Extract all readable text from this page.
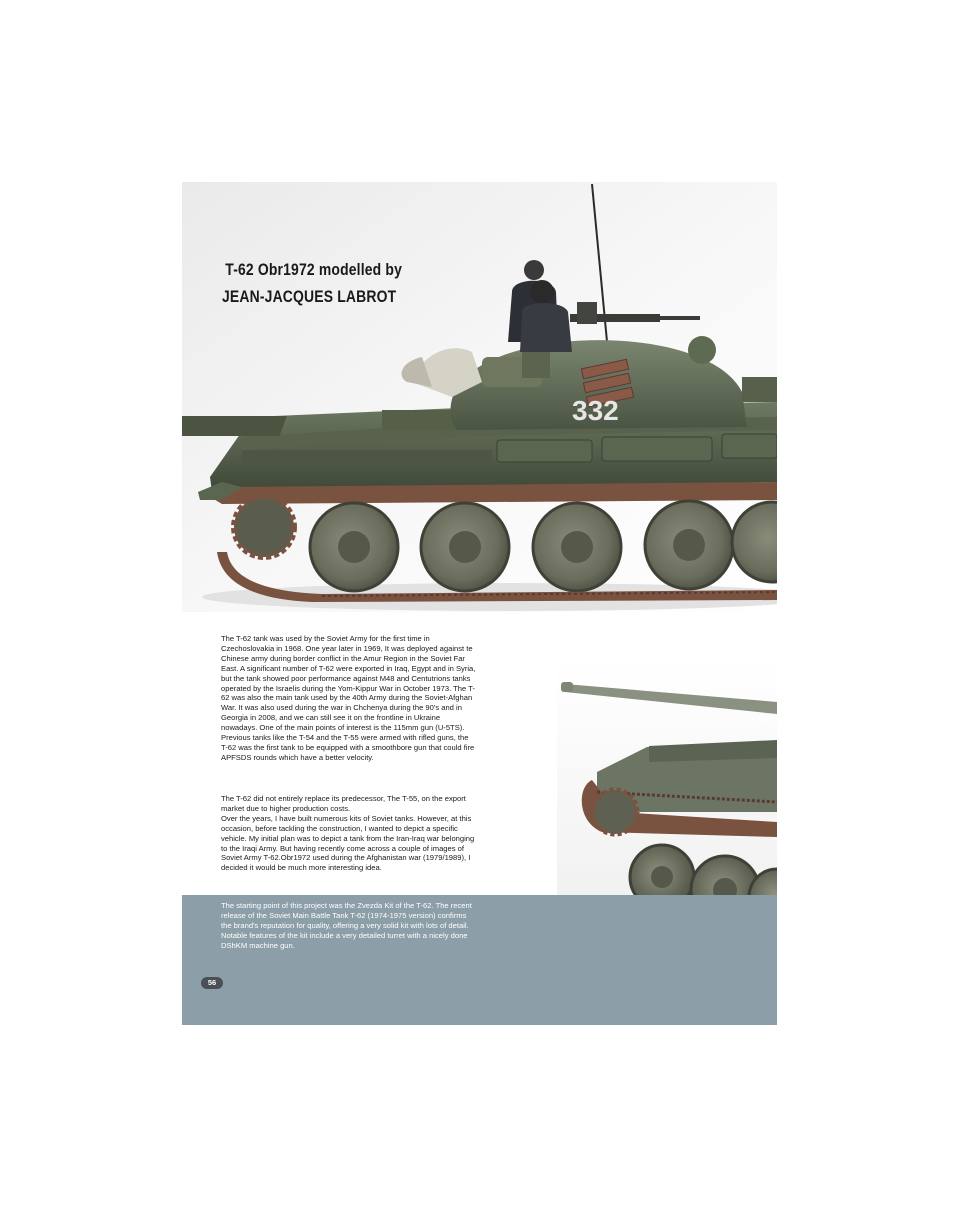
332
T-62 Obr1972 modelled by
JEAN-JACQUES LABROT

The T-62 tank was used by the Soviet Army for the first time in Czechoslovakia in 1968. One year later in 1969, It was deployed against te Chinese army during border conflict in the Amur Region in the Soviet Far East. A significant number of T-62 were exported in Iraq, Egypt and in Syria, but the tank showed poor performance against M48 and Centutrions tanks operated by the Israelis during the Yom-Kippur War in October 1973. The T-62 was also the main tank used by the 40th Army during the Soviet-Afghan War. It was also used during the war in Chchenya during the 90's and in Georgia in 2008, and we can still see it on the frontline in Ukraine nowadays. One of the main points of interest is the 115mm gun (U-5TS). Previous tanks like the T-54 and the T-55 were armed with rifled guns, the T-62 was the first tank to be equipped with a smoothbore gun that could fire APFSDS rounds which have a better velocity.

The T-62 did not entirely replace its predecessor, The T-55, on the export market due to higher production costs.
Over the years, I have built numerous kits of Soviet tanks. However, at this occasion, before tackling the construction, I wanted to depict a specific vehicle. My initial plan was to depict a tank from the Iran-Iraq war belonging to the Iraqi Army. But having recently come across a couple of images of Soviet Army T-62.Obr1972 used during the Afghanistan war (1979/1989), I decided it would be much more interesting idea.

The starting point of this project was the Zvezda Kit of the T-62. The recent release of the Soviet Main Battle Tank T-62 (1974-1975 version) confirms the brand's reputation for quality, offering a very solid kit with lots of detail. Notable features of the kit include a very detailed turret with a nicely done DShKM machine gun.

56
